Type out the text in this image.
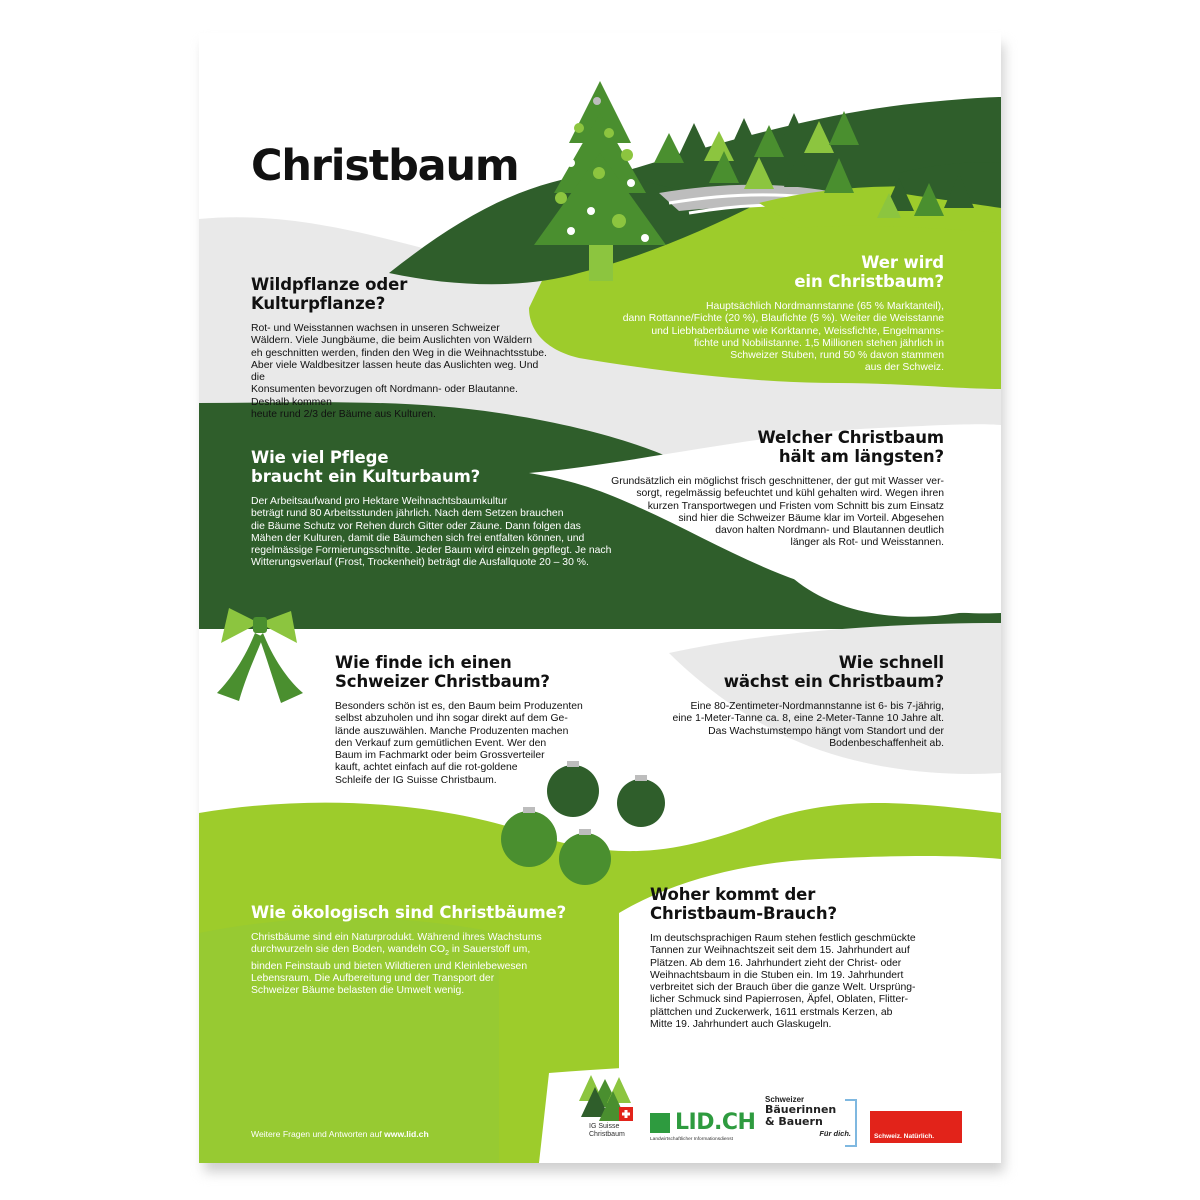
Christbaum
Wildpflanze oder
Kulturpflanze?
Rot- und Weisstannen wachsen in unseren Schweizer
Wäldern. Viele Jungbäume, die beim Auslichten von Wäldern
eh geschnitten werden, finden den Weg in die Weihnachtsstube.
Aber viele Waldbesitzer lassen heute das Auslichten weg. Und die
Konsumenten bevorzugen oft Nordmann- oder Blautanne. Deshalb kommen
heute rund 2/3 der Bäume aus Kulturen.
Wer wird
ein Christbaum?
Hauptsächlich Nordmannstanne (65 % Marktanteil),
dann Rottanne/Fichte (20 %), Blaufichte (5 %). Weiter die Weisstanne
und Liebhaberbäume wie Korktanne, Weissfichte, Engelmanns-
fichte und Nobilistanne. 1,5 Millionen stehen jährlich in
Schweizer Stuben, rund 50 % davon stammen
aus der Schweiz.
Wie viel Pflege
braucht ein Kulturbaum?
Der Arbeitsaufwand pro Hektare Weihnachtsbaumkultur
beträgt rund 80 Arbeitsstunden jährlich. Nach dem Setzen brauchen
die Bäume Schutz vor Rehen durch Gitter oder Zäune. Dann folgen das
Mähen der Kulturen, damit die Bäumchen sich frei entfalten können, und
regelmässige Formierungsschnitte. Jeder Baum wird einzeln gepflegt. Je nach
Witterungsverlauf (Frost, Trockenheit) beträgt die Ausfallquote 20 – 30 %.
Welcher Christbaum
hält am längsten?
Grundsätzlich ein möglichst frisch geschnittener, der gut mit Wasser ver-
sorgt, regelmässig befeuchtet und kühl gehalten wird. Wegen ihren
kurzen Transportwegen und Fristen vom Schnitt bis zum Einsatz
sind hier die Schweizer Bäume klar im Vorteil. Abgesehen
davon halten Nordmann- und Blautannen deutlich
länger als Rot- und Weisstannen.
Wie finde ich einen
Schweizer Christbaum?
Besonders schön ist es, den Baum beim Produzenten
selbst abzuholen und ihn sogar direkt auf dem Ge-
lände auszuwählen. Manche Produzenten machen
den Verkauf zum gemütlichen Event. Wer den
Baum im Fachmarkt oder beim Grossverteiler
kauft, achtet einfach auf die rot-goldene
Schleife der IG Suisse Christbaum.
Wie schnell
wächst ein Christbaum?
Eine 80-Zentimeter-Nordmannstanne ist 6- bis 7-jährig,
eine 1-Meter-Tanne ca. 8, eine 2-Meter-Tanne 10 Jahre alt.
Das Wachstumstempo hängt vom Standort und der
Bodenbeschaffenheit ab.
Wie ökologisch sind Christbäume?
Christbäume sind ein Naturprodukt. Während ihres Wachstums
durchwurzeln sie den Boden, wandeln $CO_2$ in Sauerstoff um,
binden Feinstaub und bieten Wildtieren und Kleinlebewesen
Lebensraum. Die Aufbereitung und der Transport der
Schweizer Bäume belasten die Umwelt wenig.
Woher kommt der
Christbaum-Brauch?
Im deutschsprachigen Raum stehen festlich geschmückte
Tannen zur Weihnachtszeit seit dem 15. Jahrhundert auf
Plätzen. Ab dem 16. Jahrhundert zieht der Christ- oder
Weihnachtsbaum in die Stuben ein. Im 19. Jahrhundert
verbreitet sich der Brauch über die ganze Welt. Ursprüng-
licher Schmuck sind Papierrosen, Äpfel, Oblaten, Flitter-
plättchen und Zuckerwerk, 1611 erstmals Kerzen, ab
Mitte 19. Jahrhundert auch Glaskugeln.
Weitere Fragen und Antworten auf www.lid.ch
IG Suisse
Christbaum LID.CH
Landwirtschaftlicher Informationsdienst
Schweizer
Bäuerinnen
& Bauern
Für dich.	Schweiz. Natürlich.
